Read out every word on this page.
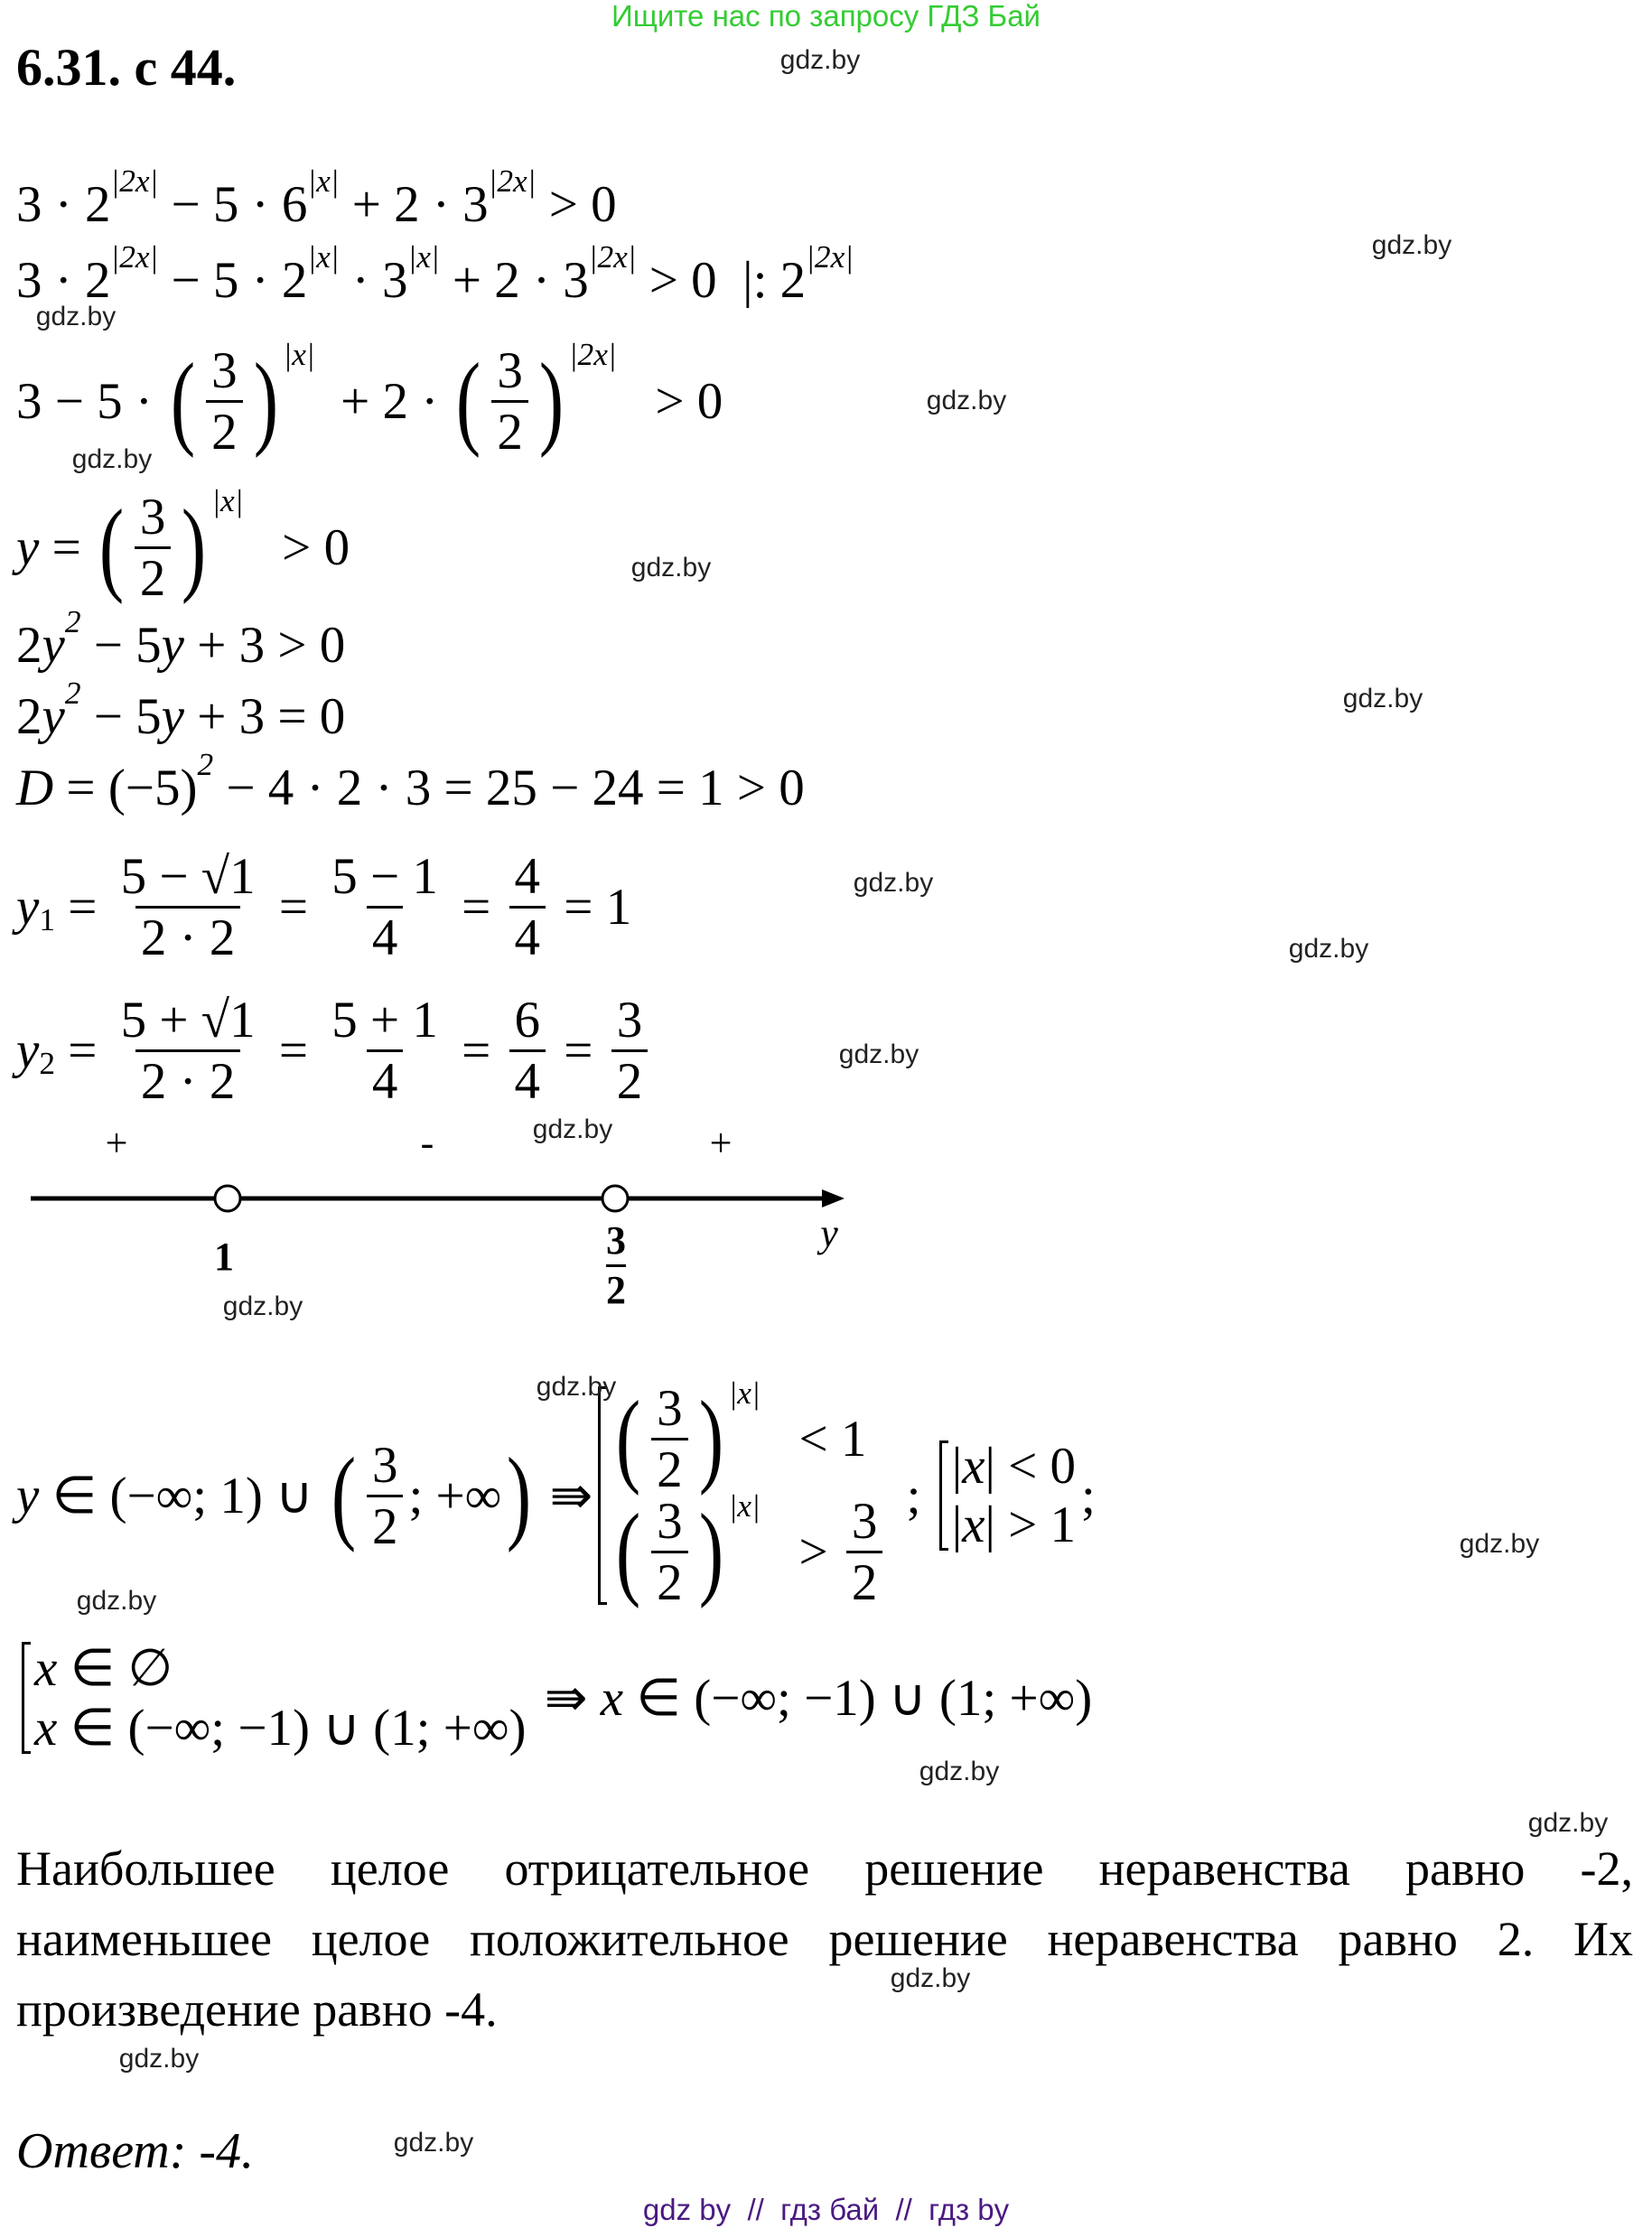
Ищите нас по запросу ГДЗ Бай
6.31. с 44.
3 · 2 |2x| − 5 · 6 |x| + 2 · 3 |2x| > 0
3 · 2 |2x| − 5 · 2 |x| · 3 |x| + 2 · 3 |2x| > 0  |: 2 |2x|
3 − 5 · ( $\frac{3}{2}$ ) |x|
+ 2 · ( $\frac{3}{2}$ ) |2x|
> 0
y = ( $\frac{3}{2}$ ) |x|
> 0
2 y 2 − 5 y + 3 > 0
2 y 2 − 5 y + 3 = 0
D = (−5) 2 − 4 · 2 · 3 = 25 − 24 = 1 > 0
y $1 = \frac{5 - √1}{2 \cdot 2} = \frac{5 - 1}{4} = \frac{4}{4} = 1$
y $2 = \frac{5 + √1}{2 \cdot 2} = \frac{5 + 1}{4} = \frac{6}{4} = \frac{3}{2}$
+	-	+
1	$\frac{3}{2}$	y
y ∈ (−∞; 1) ∪ ( $\frac{3}{2}$ ; +∞ ) ⇛ ( $\frac{3}{2}$ ) |x|
< 1
( $\frac{3}{2}$ ) |x|
> $\frac{3}{2}$ ;
| x | < 0
| x | > 1
;
x ∈ ∅
x ∈ (−∞; −1) ∪ (1; +∞)
⇛ x ∈ (−∞; −1) ∪ (1; +∞)
Наибольшее целое отрицательное решение неравенства равно -2, наименьшее целое положительное решение неравенства равно 2. Их произведение равно -4.
Ответ: -4.
gdz by  //  гдз бай  //  гдз by
gdz.by
gdz.by
gdz.by
gdz.by
gdz.by
gdz.by
gdz.by
gdz.by
gdz.by
gdz.by
gdz.by
gdz.by
gdz.by
gdz.by
gdz.by
gdz.by
gdz.by
gdz.by
gdz.by
gdz.by
